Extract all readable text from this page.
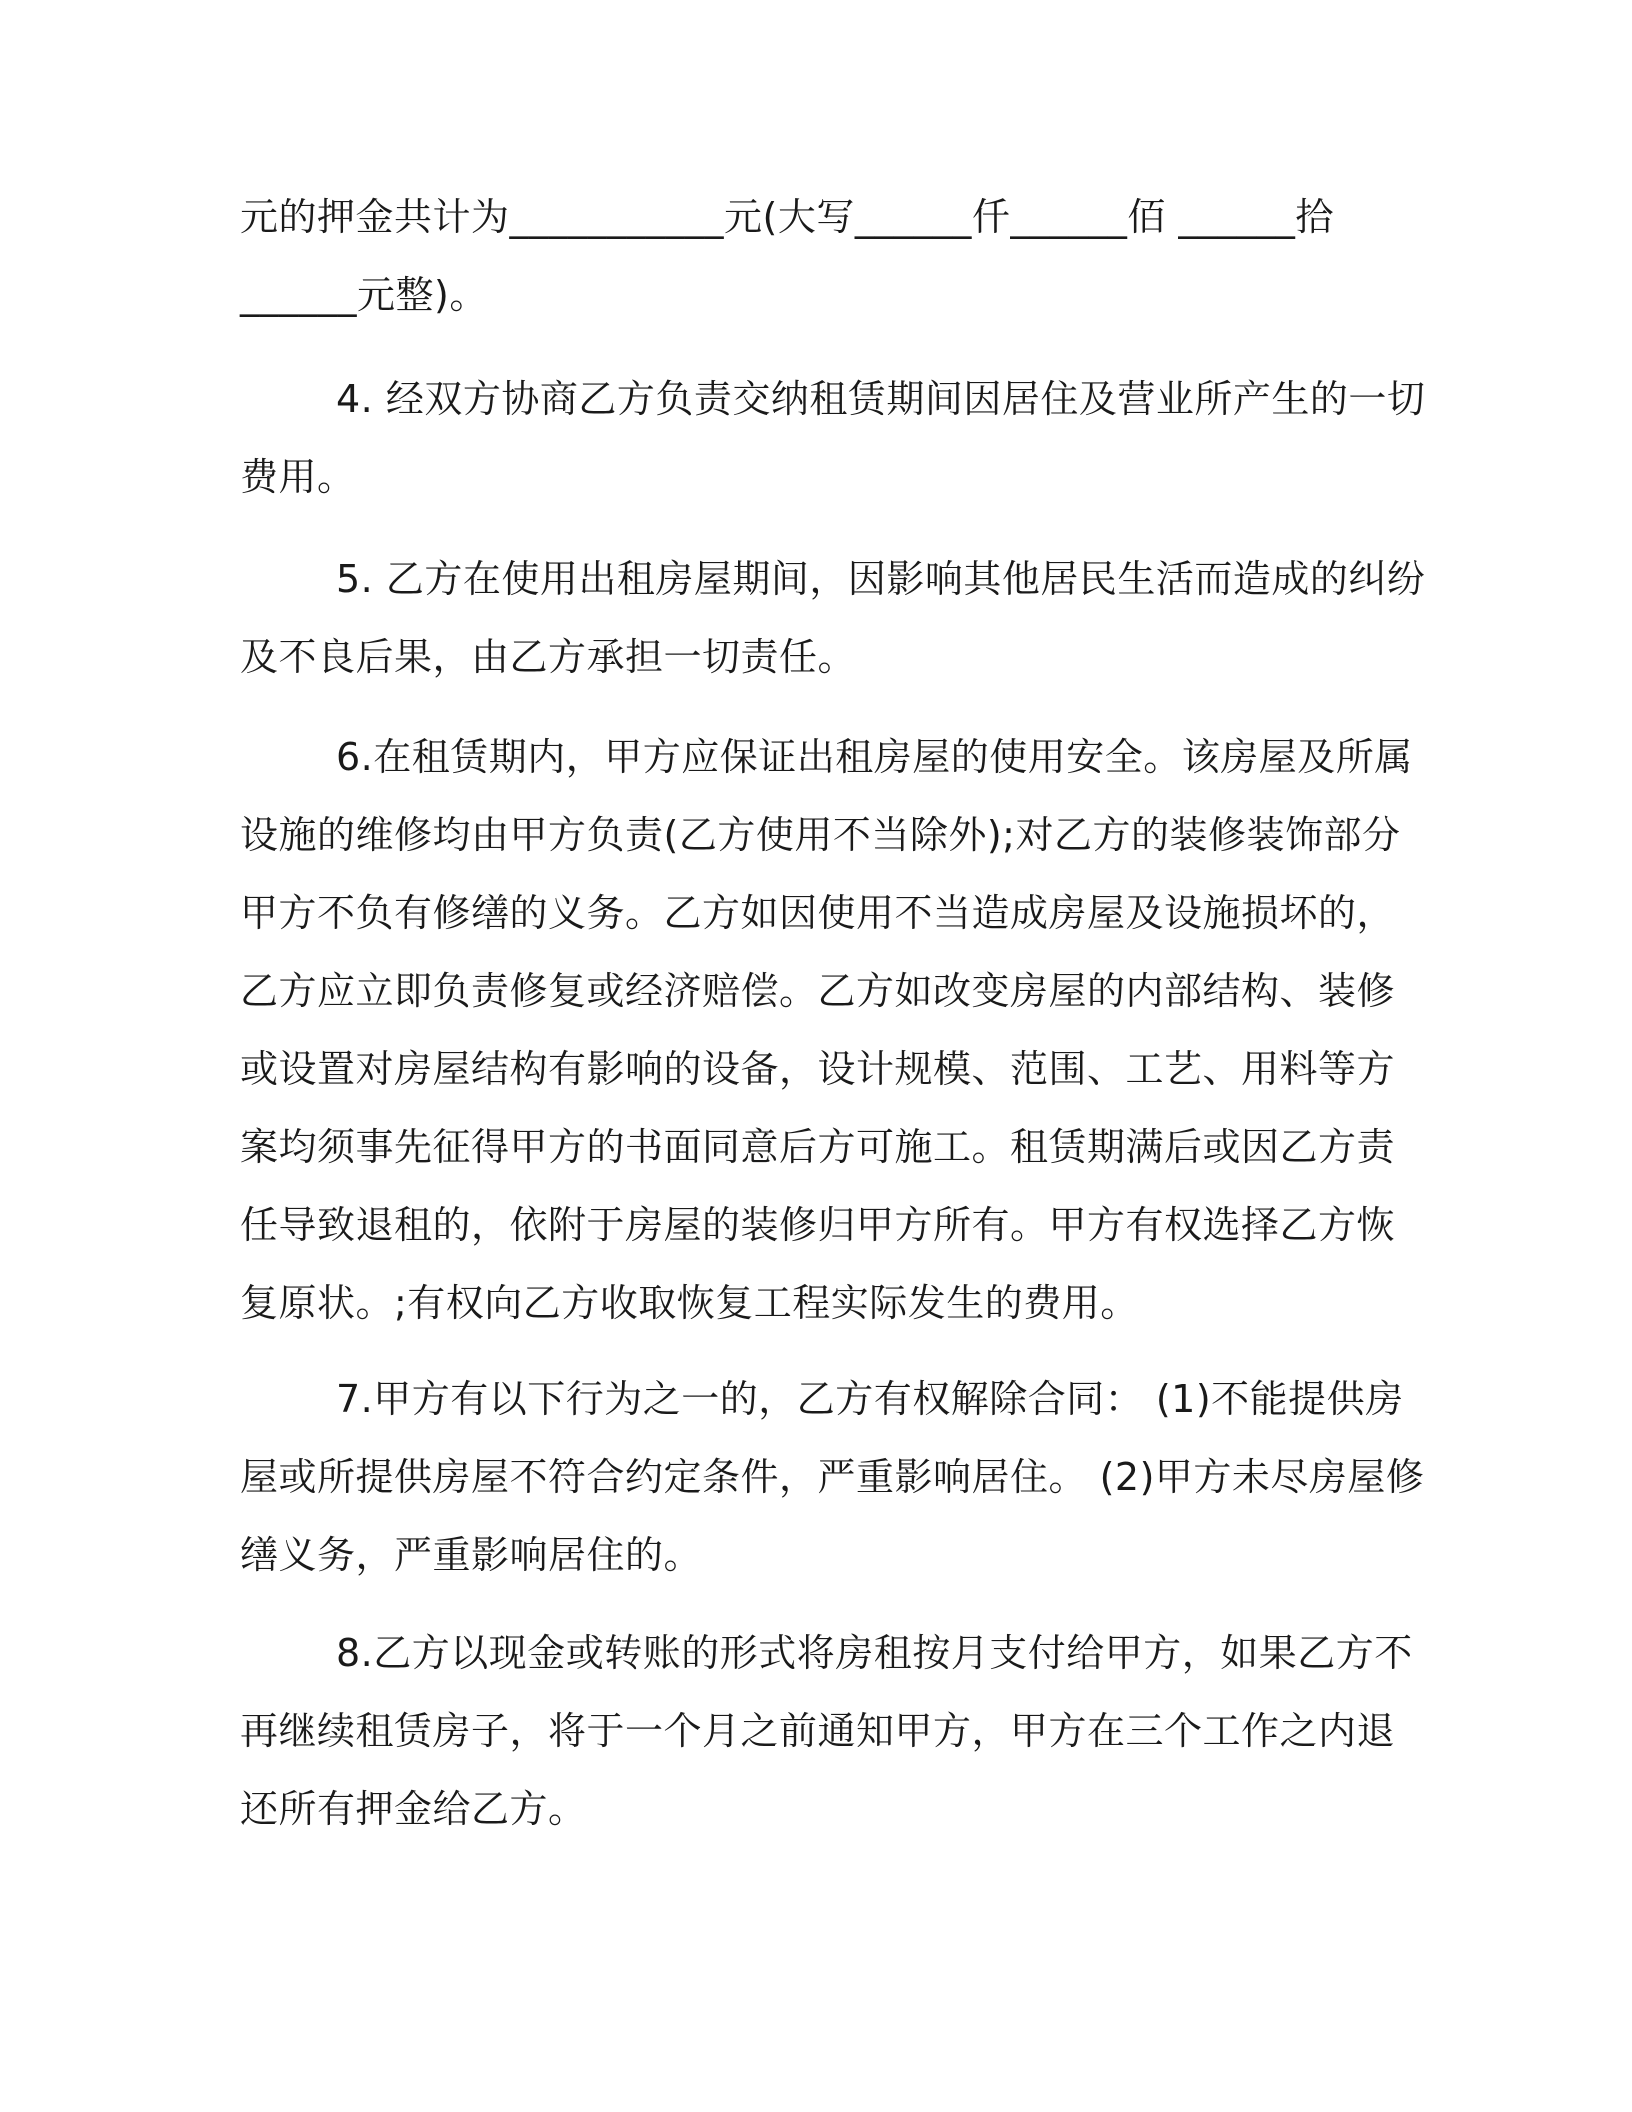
元的押金共计为___________元(大写______仟______佰 ______拾
______元整)。
4. 经双方协商乙方负责交纳租赁期间因居住及营业所产生的一切
费用。
5. 乙方在使用出租房屋期间，因影响其他居民生活而造成的纠纷
及不良后果，由乙方承担一切责任。
6.在租赁期内，甲方应保证出租房屋的使用安全。该房屋及所属
设施的维修均由甲方负责(乙方使用不当除外);对乙方的装修装饰部分
甲方不负有修缮的义务。乙方如因使用不当造成房屋及设施损坏的，
乙方应立即负责修复或经济赔偿。乙方如改变房屋的内部结构、装修
或设置对房屋结构有影响的设备，设计规模、范围、工艺、用料等方
案均须事先征得甲方的书面同意后方可施工。租赁期满后或因乙方责
任导致退租的，依附于房屋的装修归甲方所有。甲方有权选择乙方恢
复原状。;有权向乙方收取恢复工程实际发生的费用。
7.甲方有以下行为之一的，乙方有权解除合同： (1)不能提供房
屋或所提供房屋不符合约定条件，严重影响居住。 (2)甲方未尽房屋修
缮义务，严重影响居住的。
8.乙方以现金或转账的形式将房租按月支付给甲方，如果乙方不
再继续租赁房子，将于一个月之前通知甲方，甲方在三个工作之内退
还所有押金给乙方。
